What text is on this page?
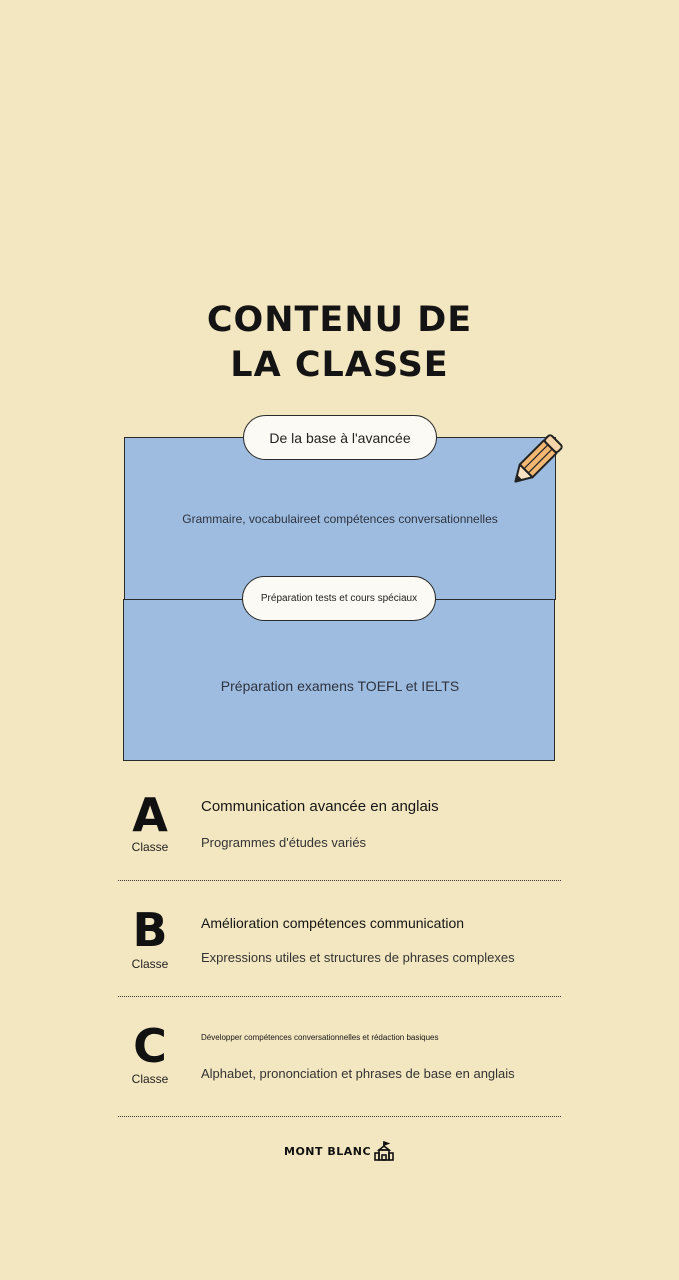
CONTENU DE
LA CLASSE
De la base à l'avancée
Grammaire, vocabulaireet compétences conversationnelles
Préparation tests et cours spéciaux
Préparation examens TOEFL et IELTS
A
Classe
Communication avancée en anglais
Programmes d'études variés
B
Classe
Amélioration compétences communication
Expressions utiles et structures de phrases complexes
C
Classe
Développer compétences conversationnelles et rédaction basiques
Alphabet, prononciation et phrases de base en anglais
MONT BLANC
